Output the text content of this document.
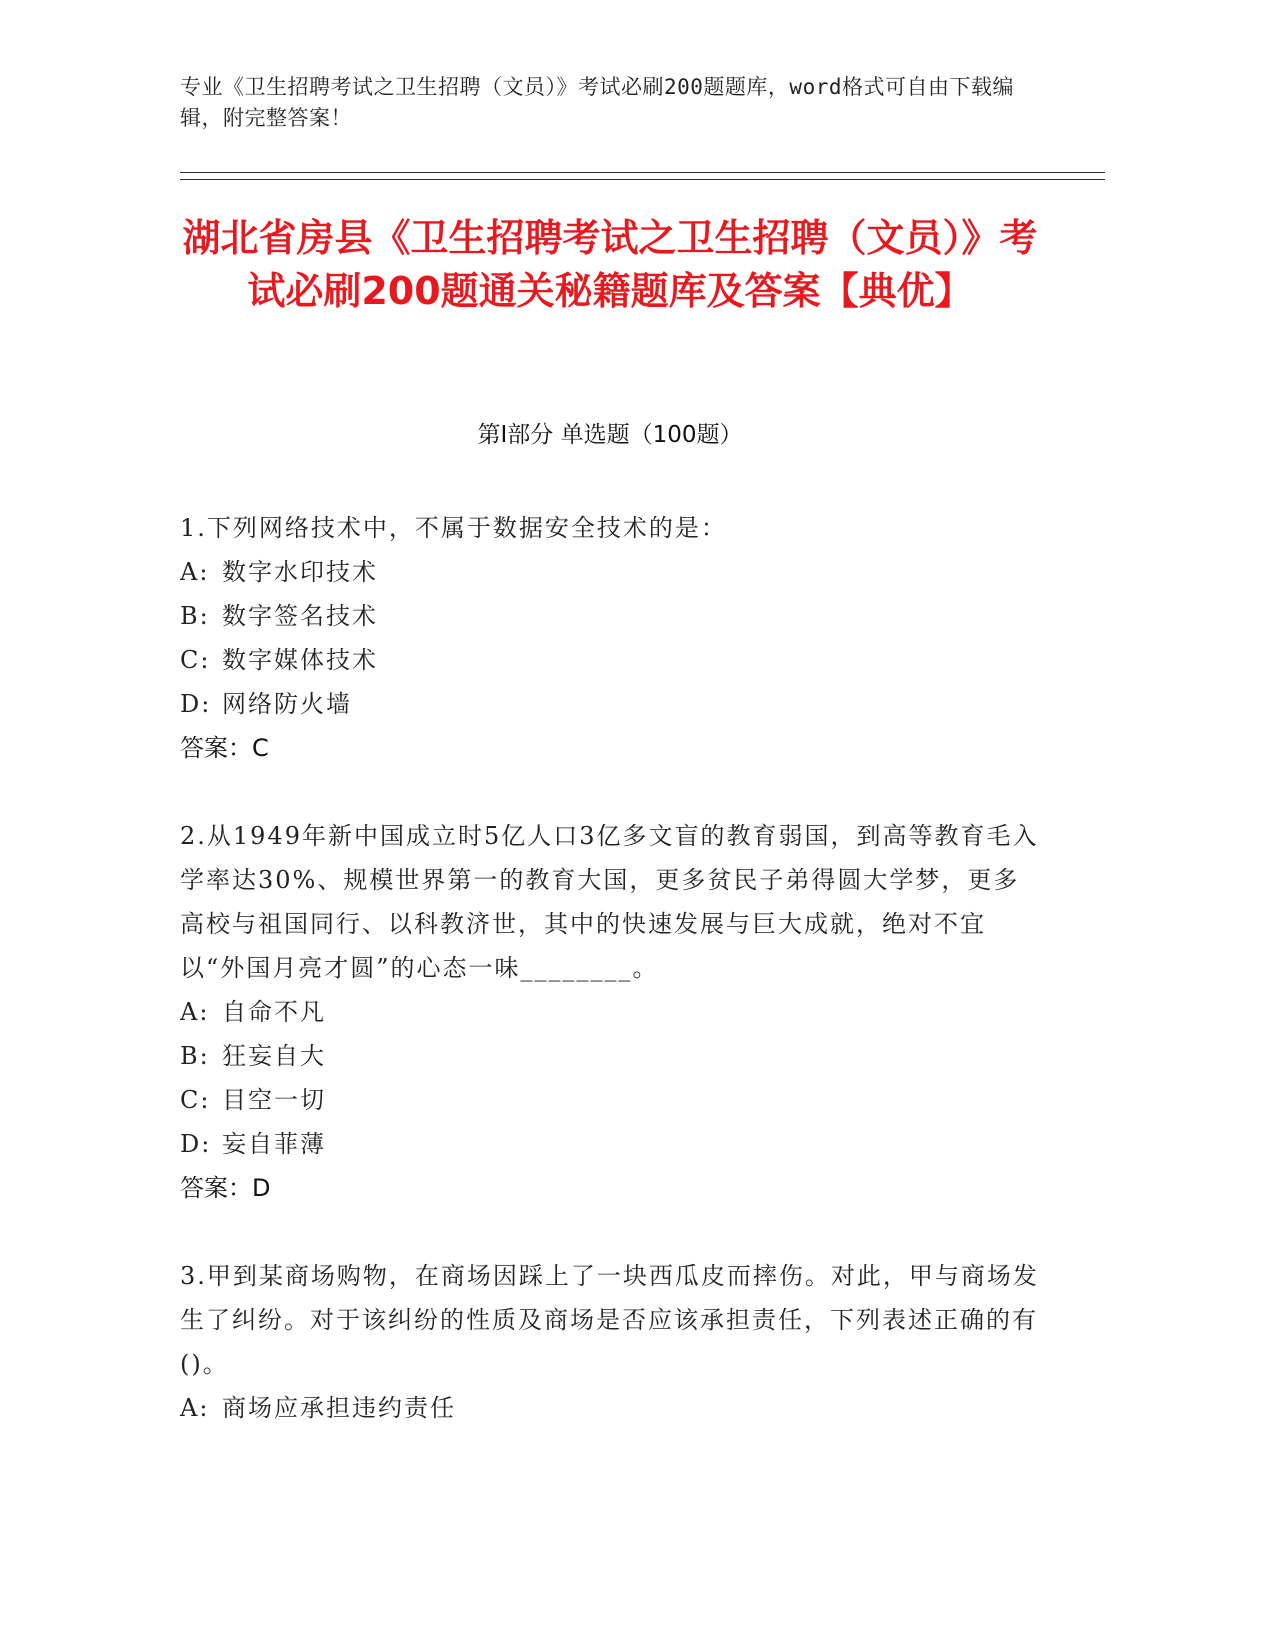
专业《卫生招聘考试之卫生招聘（文员）》考试必刷200题题库，word格式可自由下载编辑，附完整答案！
湖北省房县《卫生招聘考试之卫生招聘（文员）》考试必刷200题通关秘籍题库及答案【典优】
第Ⅰ部分 单选题（100题）
1.下列网络技术中，不属于数据安全技术的是：
A: 数字水印技术
B: 数字签名技术
C: 数字媒体技术
D: 网络防火墙
答案：C
2.从1949年新中国成立时5亿人口3亿多文盲的教育弱国，到高等教育毛入学率达30%、规模世界第一的教育大国，更多贫民子弟得圆大学梦，更多高校与祖国同行、以科教济世，其中的快速发展与巨大成就，绝对不宜以“外国月亮才圆”的心态一味________。
A: 自命不凡
B: 狂妄自大
C: 目空一切
D: 妄自菲薄
答案：D
3.甲到某商场购物，在商场因踩上了一块西瓜皮而摔伤。对此，甲与商场发生了纠纷。对于该纠纷的性质及商场是否应该承担责任，下列表述正确的有()。
A: 商场应承担违约责任
